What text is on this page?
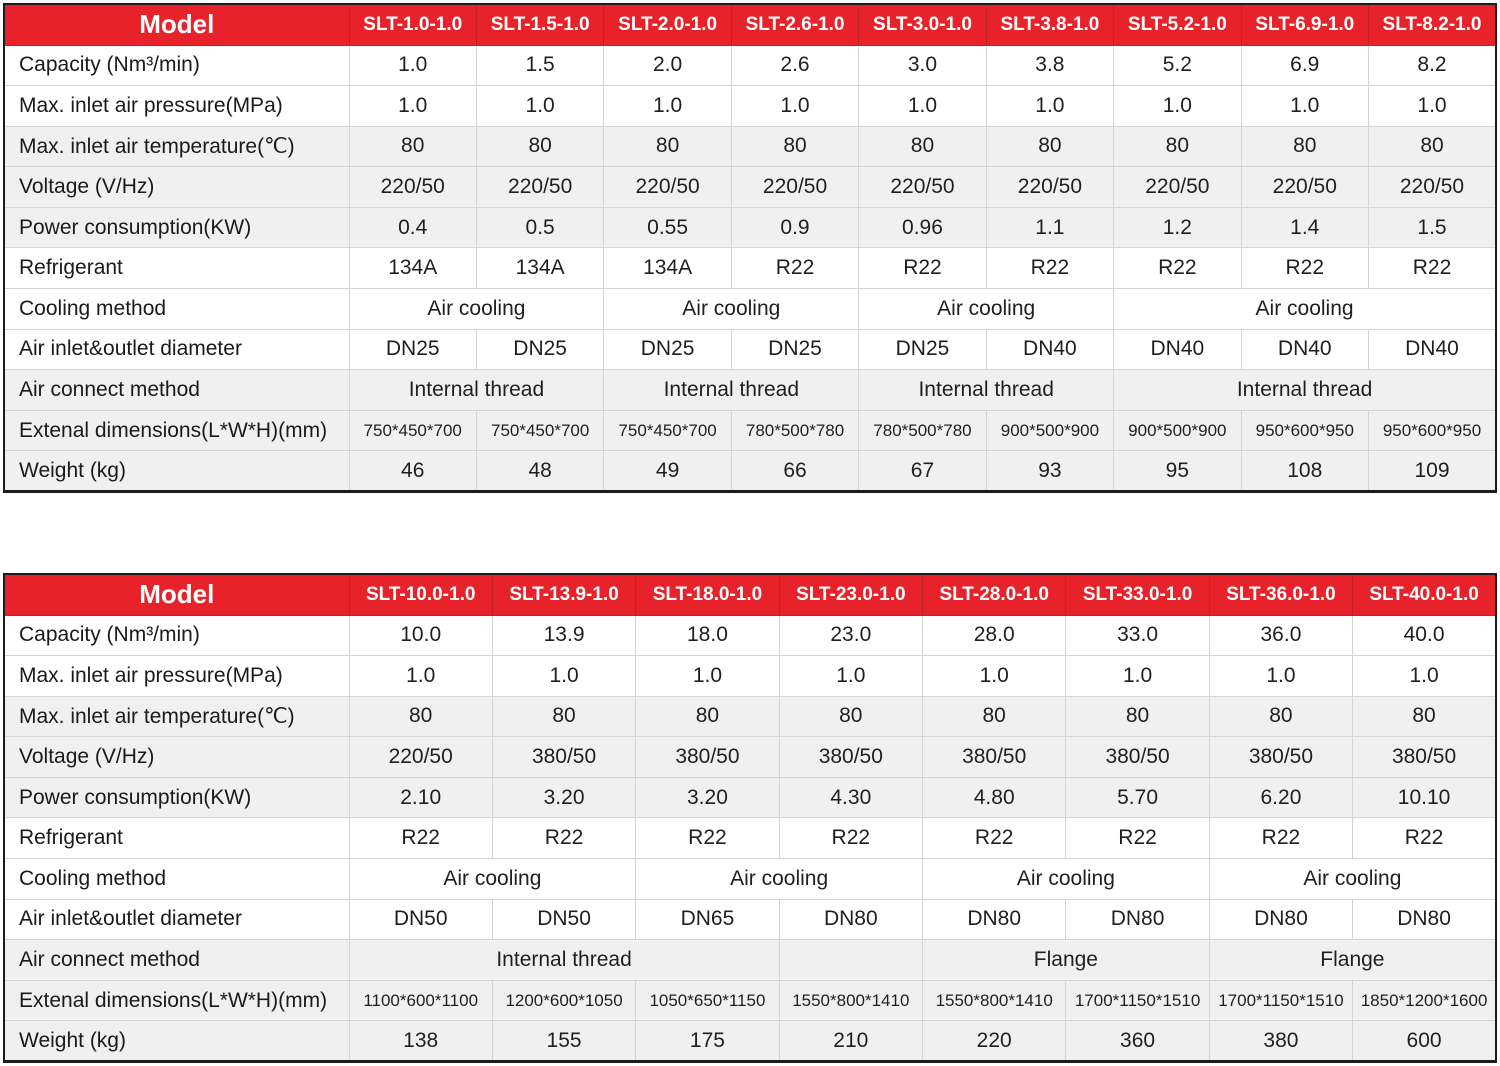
Model	SLT-1.0-1.0	SLT-1.5-1.0	SLT-2.0-1.0	SLT-2.6-1.0	SLT-3.0-1.0	SLT-3.8-1.0	SLT-5.2-1.0	SLT-6.9-1.0	SLT-8.2-1.0
Capacity (Nm³/min)	1.0	1.5	2.0	2.6	3.0	3.8	5.2	6.9	8.2
Max. inlet air pressure(MPa)	1.0	1.0	1.0	1.0	1.0	1.0	1.0	1.0	1.0
Max. inlet air temperature(℃)	80	80	80	80	80	80	80	80	80
Voltage (V/Hz)	220/50	220/50	220/50	220/50	220/50	220/50	220/50	220/50	220/50
Power consumption(KW)	0.4	0.5	0.55	0.9	0.96	1.1	1.2	1.4	1.5
Refrigerant	134A	134A	134A	R22	R22	R22	R22	R22	R22
Cooling method	Air cooling		Air cooling		Air cooling		Air cooling		
Air inlet&outlet diameter	DN25	DN25	DN25	DN25	DN25	DN40	DN40	DN40	DN40
Air connect method	Internal thread		Internal thread		Internal thread		Internal thread		
Extenal dimensions(L*W*H)(mm)	750*450*700	750*450*700	750*450*700	780*500*780	780*500*780	900*500*900	900*500*900	950*600*950	950*600*950
Weight (kg)	46	48	49	66	67	93	95	108	109
Model	SLT-10.0-1.0	SLT-13.9-1.0	SLT-18.0-1.0	SLT-23.0-1.0	SLT-28.0-1.0	SLT-33.0-1.0	SLT-36.0-1.0	SLT-40.0-1.0
Capacity (Nm³/min)	10.0	13.9	18.0	23.0	28.0	33.0	36.0	40.0
Max. inlet air pressure(MPa)	1.0	1.0	1.0	1.0	1.0	1.0	1.0	1.0
Max. inlet air temperature(℃)	80	80	80	80	80	80	80	80
Voltage (V/Hz)	220/50	380/50	380/50	380/50	380/50	380/50	380/50	380/50
Power consumption(KW)	2.10	3.20	3.20	4.30	4.80	5.70	6.20	10.10
Refrigerant	R22	R22	R22	R22	R22	R22	R22	R22
Cooling method	Air cooling		Air cooling		Air cooling		Air cooling	
Air inlet&outlet diameter	DN50	DN50	DN65	DN80	DN80	DN80	DN80	DN80
Air connect method	Internal thread				Flange		Flange	
Extenal dimensions(L*W*H)(mm)	1100*600*1100	1200*600*1050	1050*650*1150	1550*800*1410	1550*800*1410	1700*1150*1510	1700*1150*1510	1850*1200*1600
Weight (kg)	138	155	175	210	220	360	380	600
